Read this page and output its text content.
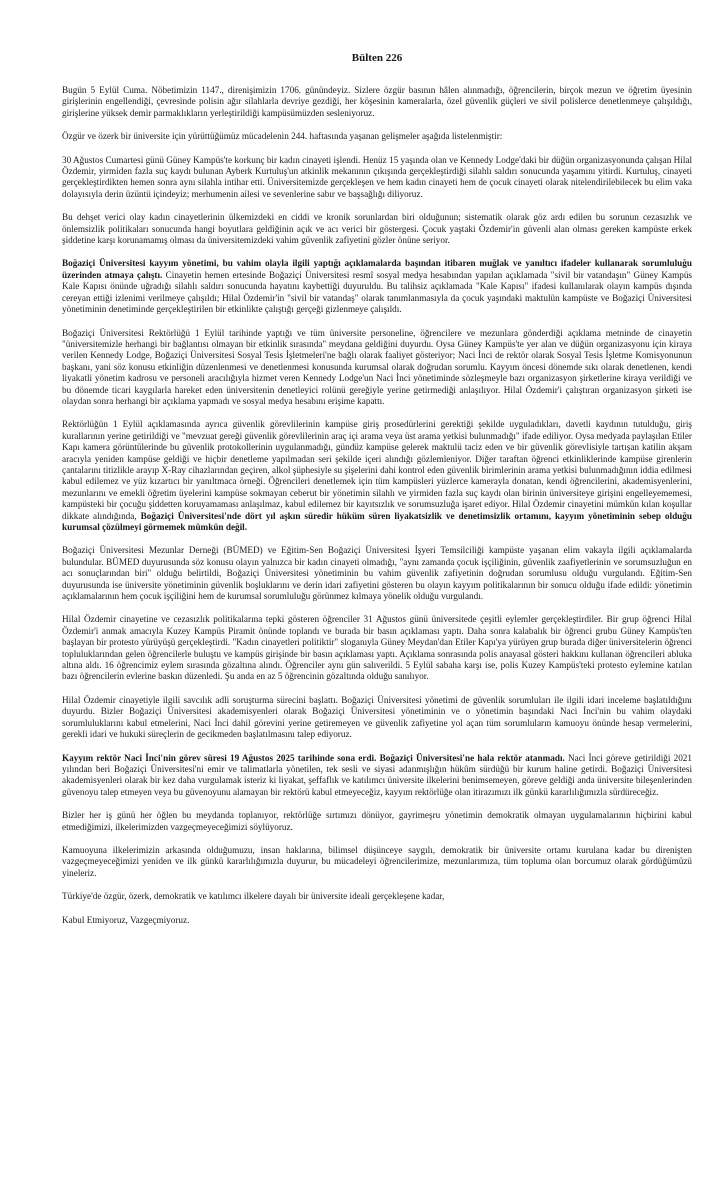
Bülten 226

Bugün 5 Eylül Cuma. Nöbetimizin 1147., direnişimizin 1706. günündeyiz. Sizlere özgür basının hâlen alınmadığı, öğrencilerin, birçok mezun ve öğretim üyesinin girişlerinin engellendiği, çevresinde polisin ağır silahlarla devriye gezdiği, her köşesinin kameralarla, özel güvenlik güçleri ve sivil polislerce denetlenmeye çalışıldığı, girişlerine yüksek demir parmaklıkların yerleştirildiği kampüsümüzden sesleniyoruz.

Özgür ve özerk bir üniversite için yürüttüğümüz mücadelenin 244. haftasında yaşanan gelişmeler aşağıda listelenmiştir:

30 Ağustos Cumartesi günü Güney Kampüs'te korkunç bir kadın cinayeti işlendi. Henüz 15 yaşında olan ve Kennedy Lodge'daki bir düğün organizasyonunda çalışan Hilal Özdemir, yirmiden fazla suç kaydı bulunan Ayberk Kurtuluş'un atkinlik mekanının çıkışında gerçekleştirdiği silahlı saldırı sonucunda yaşamını yitirdi. Kurtuluş, cinayeti gerçekleştirdikten hemen sonra aynı silahla intihar etti. Üniversitemizde gerçekleşen ve hem kadın cinayeti hem de çocuk cinayeti olarak nitelendirilebilecek bu elim vaka dolayısıyla derin üzüntü içindeyiz; merhumenin ailesi ve sevenlerine sabır ve başsağlığı diliyoruz.

Bu dehşet verici olay kadın cinayetlerinin ülkemizdeki en ciddi ve kronik sorunlardan biri olduğunun; sistematik olarak göz ardı edilen bu sorunun cezasızlık ve önlemsizlik politikaları sonucunda hangi boyutlara geldiğinin açık ve acı verici bir göstergesi. Çocuk yaştaki Özdemir'in güvenli alan olması gereken kampüste erkek şiddetine karşı korunamamış olması da üniversitemizdeki vahim güvenlik zafiyetini gözler önüne seriyor.

Boğaziçi Üniversitesi kayyım yönetimi, bu vahim olayla ilgili yaptığı açıklamalarda başından itibaren muğlak ve yanıltıcı ifadeler kullanarak sorumluluğu üzerinden atmaya çalıştı. Cinayetin hemen ertesinde Boğaziçi Üniversitesi resmî sosyal medya hesabından yapılan açıklamada "sivil bir vatandaşın" Güney Kampüs Kale Kapısı önünde uğradığı silahlı saldırı sonucunda hayatını kaybettiği duyuruldu. Bu talihsiz açıklamada "Kale Kapısı" ifadesi kullanılarak olayın kampüs dışında cereyan ettiği izlenimi verilmeye çalışıldı; Hilal Özdemir'in "sivil bir vatandaş" olarak tanımlanmasıyla da çocuk yaşındaki maktulün kampüste ve Boğaziçi Üniversitesi yönetiminin denetiminde gerçekleştirilen bir etkinlikte çalıştığı gerçeği gizlenmeye çalışıldı.

Boğaziçi Üniversitesi Rektörlüğü 1 Eylül tarihinde yaptığı ve tüm üniversite personeline, öğrencilere ve mezunlara gönderdiği açıklama metninde de cinayetin "üniversitemizle herhangi bir bağlantısı olmayan bir etkinlik sırasında" meydana geldiğini duyurdu. Oysa Güney Kampüs'te yer alan ve düğün organizasyonu için kiraya verilen Kennedy Lodge, Boğaziçi Üniversitesi Sosyal Tesis İşletmeleri'ne bağlı olarak faaliyet gösteriyor; Naci İnci de rektör olarak Sosyal Tesis İşletme Komisyonunun başkanı, yani söz konusu etkinliğin düzenlenmesi ve denetlenmesi konusunda kurumsal olarak doğrudan sorumlu. Kayyım öncesi dönemde sıkı olarak denetlenen, kendi liyakatli yönetim kadrosu ve personeli aracılığıyla hizmet veren Kennedy Lodge'un Naci İnci yönetiminde sözleşmeyle bazı organizasyon şirketlerine kiraya verildiği ve bu dönemde ticari kaygılarla hareket eden üniversitenin denetleyici rolünü gereğiyle yerine getirmediği anlaşılıyor. Hilal Özdemir'i çalıştıran organizasyon şirketi ise olaydan sonra herhangi bir açıklama yapmadı ve sosyal medya hesabını erişime kapattı.

Rektörlüğün 1 Eylül açıklamasında ayrıca güvenlik görevlilerinin kampüse giriş prosedürlerini gerektiği şekilde uyguladıkları, davetli kaydının tutulduğu, giriş kurallarının yerine getirildiği ve "mevzuat gereği güvenlik görevlilerinin araç içi arama veya üst arama yetkisi bulunmadığı" ifade ediliyor. Oysa medyada paylaşılan Etiler Kapı kamera görüntülerinde bu güvenlik protokollerinin uygulanmadığı, gündüz kampüse gelerek maktulü taciz eden ve bir güvenlik görevlisiyle tartışan katilin akşam aracıyla yeniden kampüse geldiği ve hiçbir denetleme yapılmadan seri şekilde içeri alındığı gözlemleniyor. Diğer taraftan öğrenci etkinliklerinde kampüse girenlerin çantalarını titizlikle arayıp X-Ray cihazlarından geçiren, alkol şüphesiyle su şişelerini dahi kontrol eden güvenlik birimlerinin arama yetkisi bulunmadığının iddia edilmesi kabul edilemez ve yüz kızartıcı bir yanıltmaca örneği. Öğrencileri denetlemek için tüm kampüsleri yüzlerce kamerayla donatan, kendi öğrencilerini, akademisyenlerini, mezunlarını ve emekli öğretim üyelerini kampüse sokmayan ceberut bir yönetimin silahlı ve yirmiden fazla suç kaydı olan birinin üniversiteye girişini engelleyememesi, kampüsteki bir çocuğu şiddetten koruyamaması anlaşılmaz, kabul edilemez bir kayıtsızlık ve sorumsuzluğa işaret ediyor. Hilal Özdemir cinayetini mümkün kılan koşullar dikkate alındığında, Boğaziçi Üniversitesi'nde dört yıl aşkın süredir hüküm süren liyakatsizlik ve denetimsizlik ortamını, kayyım yönetiminin sebep olduğu kurumsal çözülmeyi görmemek mümkün değil.

Boğaziçi Üniversitesi Mezunlar Derneği (BÜMED) ve Eğitim-Sen Boğaziçi Üniversitesi İşyeri Temsilciliği kampüste yaşanan elim vakayla ilgili açıklamalarda bulundular. BÜMED duyurusunda söz konusu olayın yalnızca bir kadın cinayeti olmadığı, "aynı zamanda çocuk işçiliğinin, güvenlik zaafiyetlerinin ve sorumsuzluğun en acı sonuçlarından biri" olduğu belirtildi, Boğaziçi Üniversitesi yönetiminin bu vahim güvenlik zafiyetinin doğrudan sorumlusu olduğu vurgulandı. Eğitim-Sen duyurusunda ise üniversite yönetiminin güvenlik boşluklarını ve derin idari zafiyetini gösteren bu olayın kayyım politikalarının bir sonucu olduğu ifade edildi: yönetimin açıklamalarının hem çocuk işçiliğini hem de kurumsal sorumluluğu görünmez kılmaya yönelik olduğu vurgulandı.

Hilal Özdemir cinayetine ve cezasızlık politikalarına tepki gösteren öğrenciler 31 Ağustos günü üniversitede çeşitli eylemler gerçekleştirdiler. Bir grup öğrenci Hilal Özdemir'i anmak amacıyla Kuzey Kampüs Piramit önünde toplandı ve burada bir basın açıklaması yaptı. Daha sonra kalabalık bir öğrenci grubu Güney Kampüs'ten başlayan bir protesto yürüyüşü gerçekleştirdi. "Kadın cinayetleri politiktir" sloganıyla Güney Meydan'dan Etiler Kapı'ya yürüyen grup burada diğer üniversitelerin öğrenci topluluklarından gelen öğrencilerle buluştu ve kampüs girişinde bir basın açıklaması yaptı. Açıklama sonrasında polis anayasal gösteri hakkını kullanan öğrencileri abluka altına aldı. 16 öğrencimiz eylem sırasında gözaltına alındı. Öğrenciler aynı gün salıverildi. 5 Eylül sabaha karşı ise, polis Kuzey Kampüs'teki protesto eylemine katılan bazı öğrencilerin evlerine baskın düzenledi. Şu anda en az 5 öğrencinin gözaltında olduğu sanılıyor.

Hilal Özdemir cinayetiyle ilgili savcılık adli soruşturma sürecini başlattı. Boğaziçi Üniversitesi yönetimi de güvenlik sorumluları ile ilgili idari inceleme başlatıldığını duyurdu. Bizler Boğaziçi Üniversitesi akademisyenleri olarak Boğaziçi Üniversitesi yönetiminin ve o yönetimin başındaki Naci İnci'nin bu vahim olaydaki sorumluluklarını kabul etmelerini, Naci İnci dahil görevini yerine getiremeyen ve güvenlik zafiyetine yol açan tüm sorumluların kamuoyu önünde hesap vermelerini, gerekli idari ve hukuki süreçlerin de gecikmeden başlatılmasını talep ediyoruz.

Kayyım rektör Naci İnci'nin görev süresi 19 Ağustos 2025 tarihinde sona erdi. Boğaziçi Üniversitesi'ne hala rektör atanmadı. Naci İnci göreve getirildiği 2021 yılından beri Boğaziçi Üniversitesi'ni emir ve talimatlarla yönetilen, tek sesli ve siyasi adanmışlığın hükûm sürdüğü bir kurum haline getirdi. Boğaziçi Üniversitesi akademisyenleri olarak bir kez daha vurgulamak isteriz ki liyakat, şeffaflık ve katılımcı üniversite ilkelerini benimsemeyen, göreve geldiği anda üniversite bileşenlerinden güvenoyu talep etmeyen veya bu güvenoyunu alamayan bir rektörü kabul etmeyeceğiz, kayyım rektörlüğe olan itirazımızı ilk günkü kararlılığımızla sürdüreceğiz.

Bizler her iş günü her öğlen bu meydanda toplanıyor, rektörlüğe sırtımızı dönüyor, gayrimeşru yönetimin demokratik olmayan uygulamalarının hiçbirini kabul etmediğimizi, ilkelerimizden vazgeçmeyeceğimizi söylüyoruz.

Kamuoyuna ilkelerimizin arkasında olduğumuzu, insan haklarına, bilimsel düşünceye saygılı, demokratik bir üniversite ortamı kurulana kadar bu direnişten vazgeçmeyeceğimizi yeniden ve ilk günkü kararlılığımızla duyurur, bu mücadeleyi öğrencilerimize, mezunlarımıza, tüm topluma olan borcumuz olarak gördüğümüzü yineleriz.

Türkiye'de özgür, özerk, demokratik ve katılımcı ilkelere dayalı bir üniversite ideali gerçekleşene kadar,

Kabul Etmiyoruz, Vazgeçmiyoruz.
